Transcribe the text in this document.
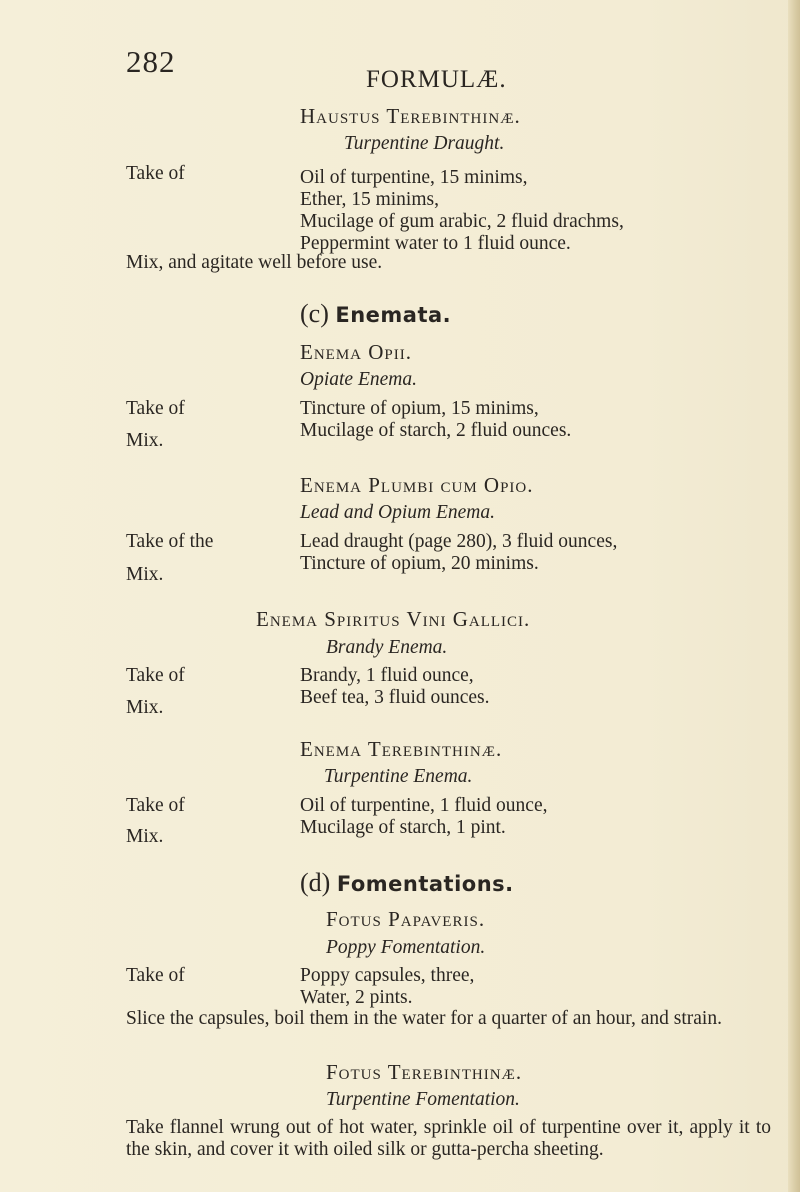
282
FORMULÆ.
Haustus Terebinthinæ.
Turpentine Draught.
Take of	Oil of turpentine, 15 minims,
Ether, 15 minims,
Mucilage of gum arabic, 2 fluid drachms,
Peppermint water to 1 fluid ounce.
Mix, and agitate well before use.
(c) Enemata.
Enema Opii.
Opiate Enema.
Take of	Tincture of opium, 15 minims,
Mucilage of starch, 2 fluid ounces.
Mix.
Enema Plumbi cum Opio.
Lead and Opium Enema.
Take of the	Lead draught (page 280), 3 fluid ounces,
Tincture of opium, 20 minims.
Mix.
Enema Spiritus Vini Gallici.
Brandy Enema.
Take of	Brandy, 1 fluid ounce,
Beef tea, 3 fluid ounces.
Mix.
Enema Terebinthinæ.
Turpentine Enema.
Take of	Oil of turpentine, 1 fluid ounce,
Mucilage of starch, 1 pint.
Mix.
(d) Fomentations.
Fotus Papaveris.
Poppy Fomentation.
Take of	Poppy capsules, three,
Water, 2 pints.
Slice the capsules, boil them in the water for a quarter of an hour, and strain.
Fotus Terebinthinæ.
Turpentine Fomentation.
Take flannel wrung out of hot water, sprinkle oil of turpentine over it, apply it to the skin, and cover it with oiled silk or gutta-percha sheeting.
